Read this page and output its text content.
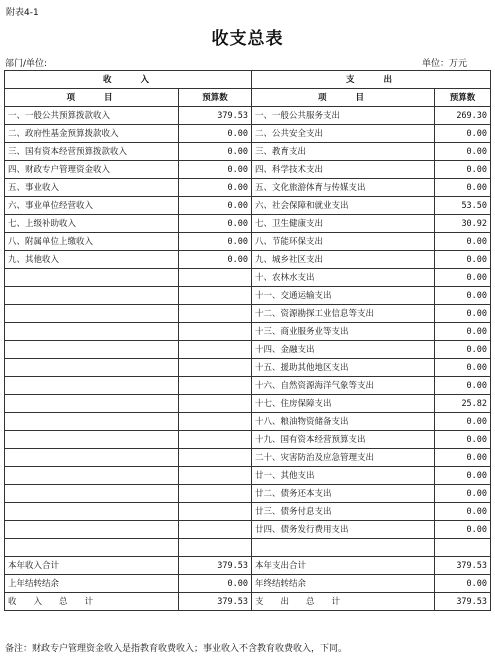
附表4-1
收支总表
部门/单位:	单位：万元
收　　入		支　　出	
项　　目	预算数	项　　目	预算数
一、一般公共预算拨款收入	379.53	一、一般公共服务支出	269.30
二、政府性基金预算拨款收入	0.00	二、公共安全支出	0.00
三、国有资本经营预算拨款收入	0.00	三、教育支出	0.00
四、财政专户管理资金收入	0.00	四、科学技术支出	0.00
五、事业收入	0.00	五、文化旅游体育与传媒支出	0.00
六、事业单位经营收入	0.00	六、社会保障和就业支出	53.50
七、上级补助收入	0.00	七、卫生健康支出	30.92
八、附属单位上缴收入	0.00	八、节能环保支出	0.00
九、其他收入	0.00	九、城乡社区支出	0.00
		十、农林水支出	0.00
		十一、交通运输支出	0.00
		十二、资源勘探工业信息等支出	0.00
		十三、商业服务业等支出	0.00
		十四、金融支出	0.00
		十五、援助其他地区支出	0.00
		十六、自然资源海洋气象等支出	0.00
		十七、住房保障支出	25.82
		十八、粮油物资储备支出	0.00
		十九、国有资本经营预算支出	0.00
		二十、灾害防治及应急管理支出	0.00
		廿一、其他支出	0.00
		廿二、债务还本支出	0.00
		廿三、债务付息支出	0.00
		廿四、债务发行费用支出	0.00

本年收入合计	379.53	本年支出合计	379.53
上年结转结余	0.00	年终结转结余	0.00
收　　入　　总　　计	379.53	支　　出　　总　　计	379.53
备注：财政专户管理资金收入是指教育收费收入；事业收入不含教育收费收入，下同。
